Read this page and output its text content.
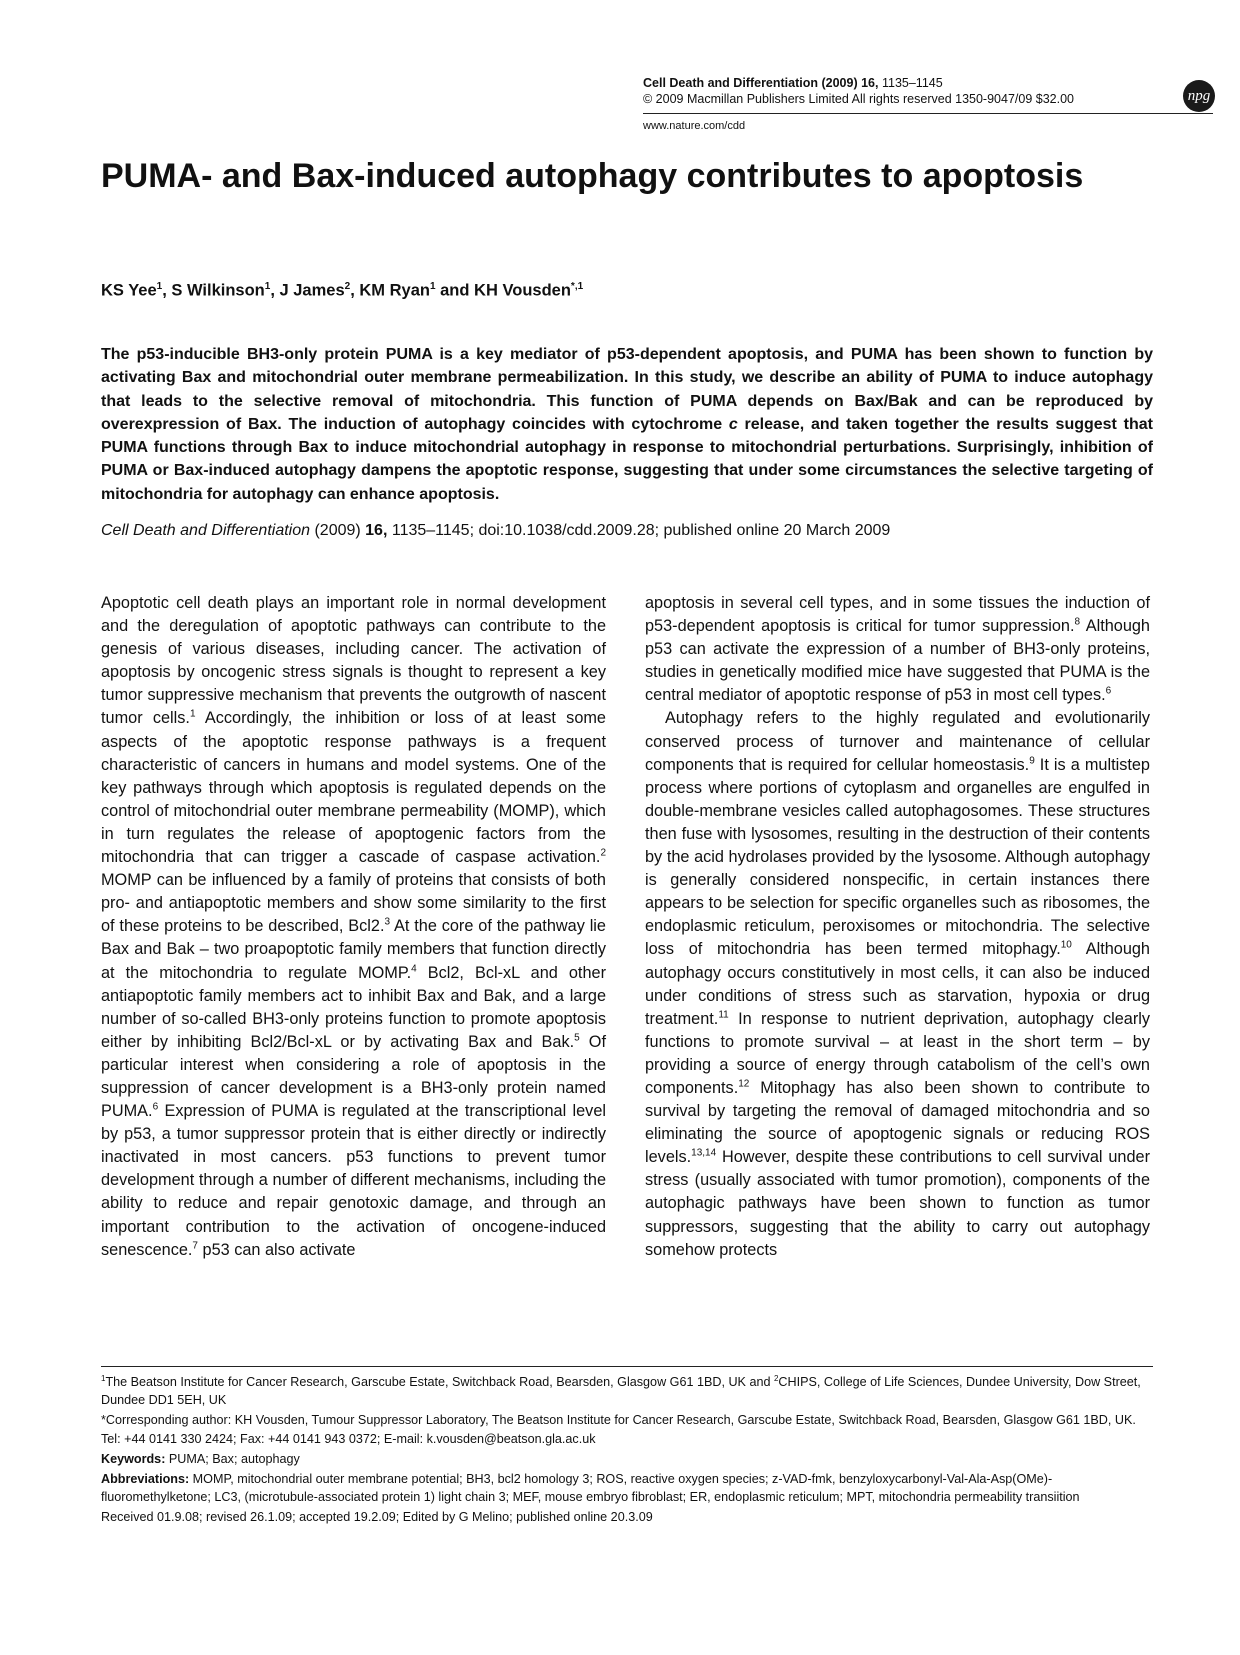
Cell Death and Differentiation (2009) 16, 1135–1145
© 2009 Macmillan Publishers Limited All rights reserved 1350-9047/09 $32.00
www.nature.com/cdd
npg
PUMA- and Bax-induced autophagy contributes to apoptosis
KS Yee$^1$, S Wilkinson$^1$, J James$^2$, KM Ryan$^1$ and KH Vousden$^{*,1}$
The p53-inducible BH3-only protein PUMA is a key mediator of p53-dependent apoptosis, and PUMA has been shown to function by activating Bax and mitochondrial outer membrane permeabilization. In this study, we describe an ability of PUMA to induce autophagy that leads to the selective removal of mitochondria. This function of PUMA depends on Bax/Bak and can be reproduced by overexpression of Bax. The induction of autophagy coincides with cytochrome c release, and taken together the results suggest that PUMA functions through Bax to induce mitochondrial autophagy in response to mitochondrial perturbations. Surprisingly, inhibition of PUMA or Bax-induced autophagy dampens the apoptotic response, suggesting that under some circumstances the selective targeting of mitochondria for autophagy can enhance apoptosis.
Cell Death and Differentiation (2009) 16, 1135–1145; doi:10.1038/cdd.2009.28; published online 20 March 2009

Apoptotic cell death plays an important role in normal development and the deregulation of apoptotic pathways can contribute to the genesis of various diseases, including cancer. The activation of apoptosis by oncogenic stress signals is thought to represent a key tumor suppressive mechanism that prevents the outgrowth of nascent tumor cells.$^1$ Accordingly, the inhibition or loss of at least some aspects of the apoptotic response pathways is a frequent characteristic of cancers in humans and model systems. One of the key pathways through which apoptosis is regulated depends on the control of mitochondrial outer membrane permeability (MOMP), which in turn regulates the release of apoptogenic factors from the mitochondria that can trigger a cascade of caspase activation.$^2$ MOMP can be influenced by a family of proteins that consists of both pro- and antiapoptotic members and show some similarity to the first of these proteins to be described, Bcl2.$^3$ At the core of the pathway lie Bax and Bak – two proapoptotic family members that function directly at the mitochondria to regulate MOMP.$^4$ Bcl2, Bcl-xL and other antiapoptotic family members act to inhibit Bax and Bak, and a large number of so-called BH3-only proteins function to promote apoptosis either by inhibiting Bcl2/Bcl-xL or by activating Bax and Bak.$^5$ Of particular interest when considering a role of apoptosis in the suppression of cancer development is a BH3-only protein named PUMA.$^6$ Expression of PUMA is regulated at the transcriptional level by p53, a tumor suppressor protein that is either directly or indirectly inactivated in most cancers. p53 functions to prevent tumor development through a number of different mechanisms, including the ability to reduce and repair genotoxic damage, and through an important contribution to the activation of oncogene-induced senescence.$^7$ p53 can also activate

apoptosis in several cell types, and in some tissues the induction of p53-dependent apoptosis is critical for tumor suppression.$^8$ Although p53 can activate the expression of a number of BH3-only proteins, studies in genetically modified mice have suggested that PUMA is the central mediator of apoptotic response of p53 in most cell types.$^6$

Autophagy refers to the highly regulated and evolutionarily conserved process of turnover and maintenance of cellular components that is required for cellular homeostasis.$^9$ It is a multistep process where portions of cytoplasm and organelles are engulfed in double-membrane vesicles called autophagosomes. These structures then fuse with lysosomes, resulting in the destruction of their contents by the acid hydrolases provided by the lysosome. Although autophagy is generally considered nonspecific, in certain instances there appears to be selection for specific organelles such as ribosomes, the endoplasmic reticulum, peroxisomes or mitochondria. The selective loss of mitochondria has been termed mitophagy.$^{10}$ Although autophagy occurs constitutively in most cells, it can also be induced under conditions of stress such as starvation, hypoxia or drug treatment.$^{11}$ In response to nutrient deprivation, autophagy clearly functions to promote survival – at least in the short term – by providing a source of energy through catabolism of the cell’s own components.$^{12}$ Mitophagy has also been shown to contribute to survival by targeting the removal of damaged mitochondria and so eliminating the source of apoptogenic signals or reducing ROS levels.$^{13,14}$ However, despite these contributions to cell survival under stress (usually associated with tumor promotion), components of the autophagic pathways have been shown to function as tumor suppressors, suggesting that the ability to carry out autophagy somehow protects

$^1$The Beatson Institute for Cancer Research, Garscube Estate, Switchback Road, Bearsden, Glasgow G61 1BD, UK and $^2$CHIPS, College of Life Sciences, Dundee University, Dow Street, Dundee DD1 5EH, UK

*Corresponding author: KH Vousden, Tumour Suppressor Laboratory, The Beatson Institute for Cancer Research, Garscube Estate, Switchback Road, Bearsden, Glasgow G61 1BD, UK. Tel: +44 0141 330 2424; Fax: +44 0141 943 0372; E-mail: k.vousden@beatson.gla.ac.uk

Keywords: PUMA; Bax; autophagy

Abbreviations: MOMP, mitochondrial outer membrane potential; BH3, bcl2 homology 3; ROS, reactive oxygen species; z-VAD-fmk, benzyloxycarbonyl-Val-Ala-Asp(OMe)-fluoromethylketone; LC3, (microtubule-associated protein 1) light chain 3; MEF, mouse embryo fibroblast; ER, endoplasmic reticulum; MPT, mitochondria permeability transiition

Received 01.9.08; revised 26.1.09; accepted 19.2.09; Edited by G Melino; published online 20.3.09
